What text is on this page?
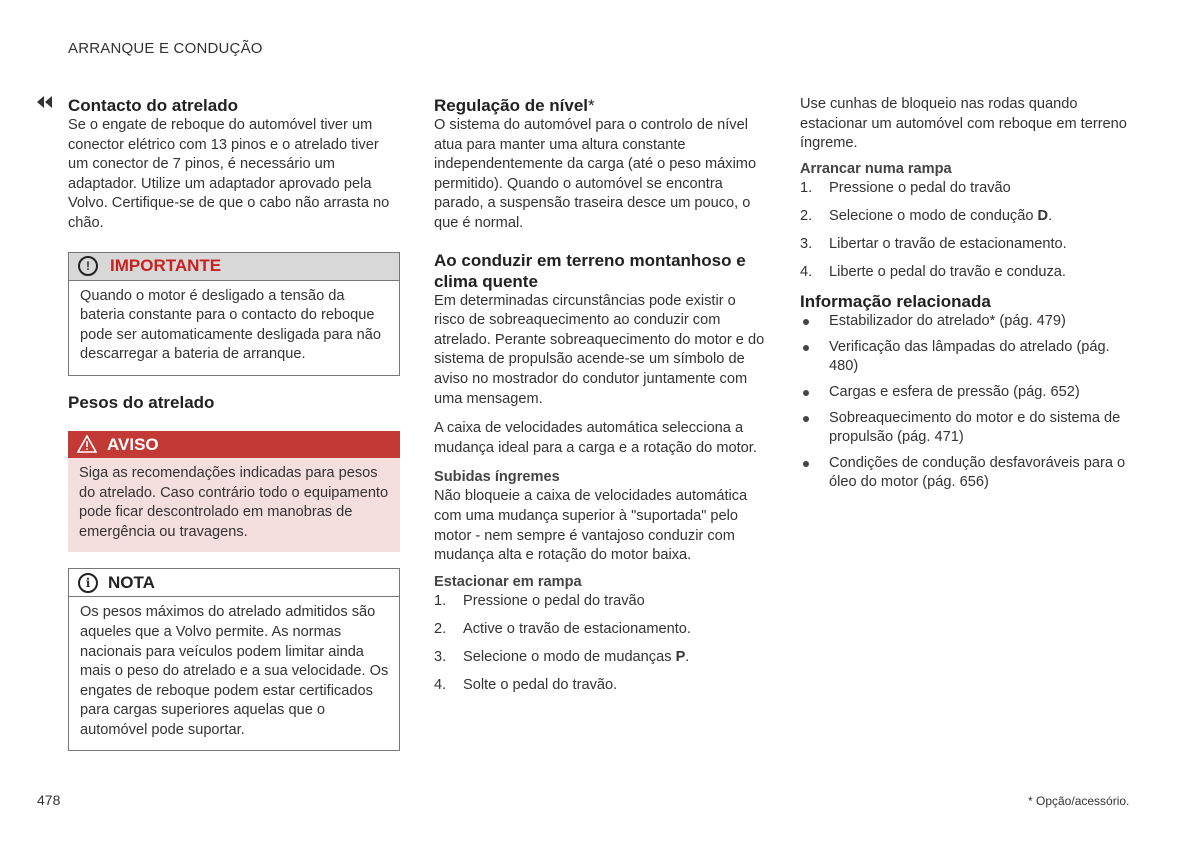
ARRANQUE E CONDUÇÃO
Contacto do atrelado

Se o engate de reboque do automóvel tiver um conector elétrico com 13 pinos e o atrelado tiver um conector de 7 pinos, é necessário um adaptador. Utilize um adaptador aprovado pela Volvo. Certifique-se de que o cabo não arrasta no chão.

!	IMPORTANTE
Quando o motor é desligado a tensão da bateria constante para o contacto do reboque pode ser automaticamente desligada para não descarregar a bateria de arranque.
Pesos do atrelado
AVISO
Siga as recomendações indicadas para pesos do atrelado. Caso contrário todo o equipamento pode ficar descontrolado em manobras de emergência ou travagens.
i	NOTA
Os pesos máximos do atrelado admitidos são aqueles que a Volvo permite. As normas nacionais para veículos podem limitar ainda mais o peso do atrelado e a sua velocidade. Os engates de reboque podem estar certificados para cargas superiores aquelas que o automóvel pode suportar.
Regulação de nível*

O sistema do automóvel para o controlo de nível atua para manter uma altura constante independentemente da carga (até o peso máximo permitido). Quando o automóvel se encontra parado, a suspensão traseira desce um pouco, o que é normal.

Ao conduzir em terreno montanhoso e clima quente

Em determinadas circunstâncias pode existir o risco de sobreaquecimento ao conduzir com atrelado. Perante sobreaquecimento do motor e do sistema de propulsão acende-se um símbolo de aviso no mostrador do condutor juntamente com uma mensagem.

A caixa de velocidades automática selecciona a mudança ideal para a carga e a rotação do motor.

Subidas íngremes

Não bloqueie a caixa de velocidades automática com uma mudança superior à "suportada" pelo motor - nem sempre é vantajoso conduzir com mudança alta e rotação do motor baixa.

Estacionar em rampa
1.	Pressione o pedal do travão
2.	Active o travão de estacionamento.
3.	Selecione o modo de mudanças P.
4.	Solte o pedal do travão.

Use cunhas de bloqueio nas rodas quando estacionar um automóvel com reboque em terreno íngreme.

Arrancar numa rampa
1.	Pressione o pedal do travão
2.	Selecione o modo de condução D.
3.	Libertar o travão de estacionamento.
4.	Liberte o pedal do travão e conduza.
Informação relacionada
Estabilizador do atrelado* (pág. 479)
Verificação das lâmpadas do atrelado (pág. 480)
Cargas e esfera de pressão (pág. 652)
Sobreaquecimento do motor e do sistema de propulsão (pág. 471)
Condições de condução desfavoráveis para o óleo do motor (pág. 656)
478	* Opção/acessório.
